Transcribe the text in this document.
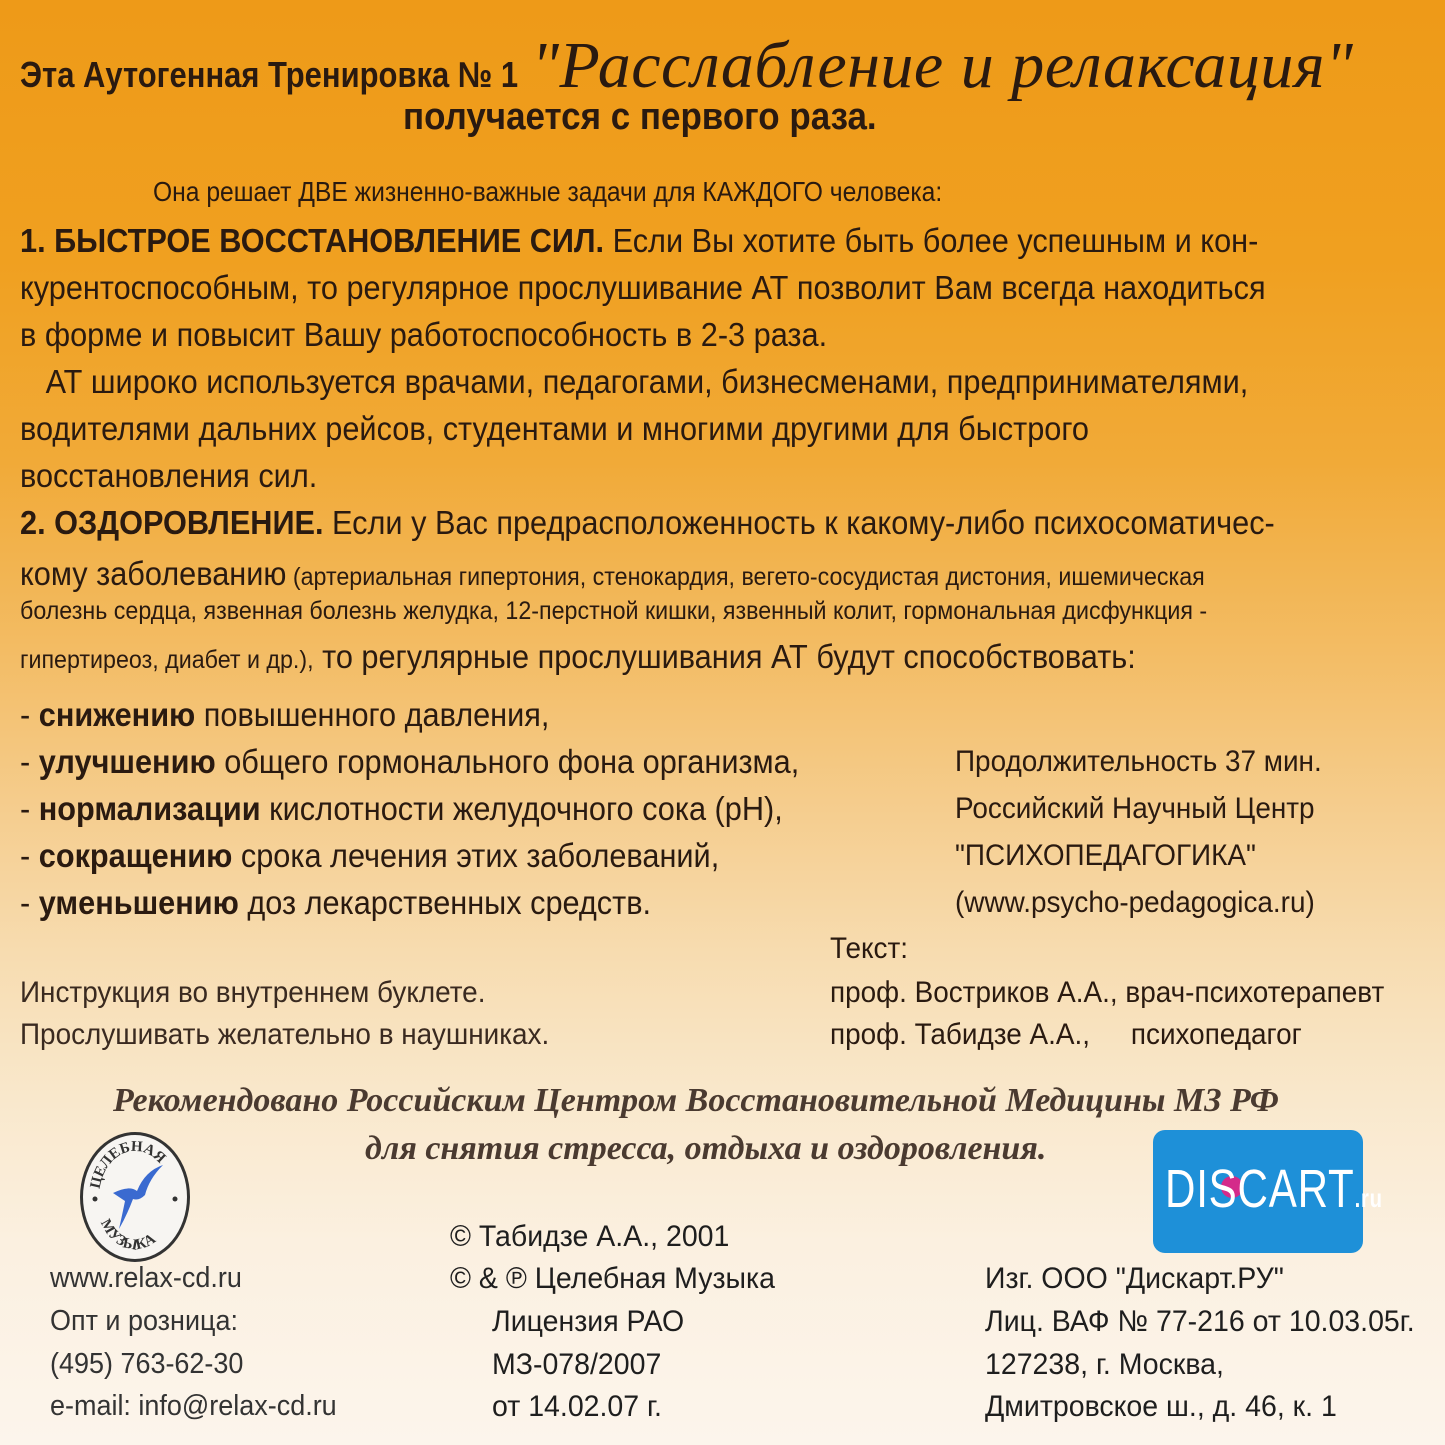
Эта Аутогенная Тренировка № 1 "Расслабление и релаксация"
получается с первого раза.
Она решает ДВЕ жизненно-важные задачи для КАЖДОГО человека:
1. БЫСТРОЕ ВОССТАНОВЛЕНИЕ СИЛ. Если Вы хотите быть более успешным и кон-
курентоспособным, то регулярное прослушивание АТ позволит Вам всегда находиться
в форме и повысит Вашу работоспособность в 2-3 раза.
АТ широко используется врачами, педагогами, бизнесменами, предпринимателями,
водителями дальних рейсов, студентами и многими другими для быстрого
восстановления сил.
2. ОЗДОРОВЛЕНИЕ. Если у Вас предрасположенность к какому-либо психосоматичес-
кому заболеванию (артериальная гипертония, стенокардия, вегето-сосудистая дистония, ишемическая
болезнь сердца, язвенная болезнь желудка, 12-перстной кишки, язвенный колит, гормональная дисфункция -
гипертиреоз, диабет и др.), то регулярные прослушивания АТ будут способствовать:
- снижению повышенного давления,
- улучшению общего гормонального фона организма,
- нормализации кислотности желудочного сока (pH),
- сокращению срока лечения этих заболеваний,
- уменьшению доз лекарственных средств.
Продолжительность 37 мин.
Российский Научный Центр
"ПСИХОПЕДАГОГИКА"
(www.psycho-pedagogica.ru)
Текст:
проф. Востриков А.А., врач-психотерапевт
проф. Табидзе А.А., психопедагог
Инструкция во внутреннем буклете.
Прослушивать желательно в наушниках.
Рекомендовано Российским Центром Восстановительной Медицины МЗ РФ
для снятия стресса, отдыха и оздоровления.
ЦЕЛЕБНАЯ
МУЗЫКА
DISCART.ru
www.relax-cd.ru
Опт и розница:
(495) 763-62-30
e-mail: info@relax-cd.ru
© Табидзе А.А., 2001
© & ℗ Целебная Музыка
Лицензия РАО
МЗ-078/2007
от 14.02.07 г.
Изг. ООО "Дискарт.РУ"
Лиц. ВАФ № 77-216 от 10.03.05г.
127238, г. Москва,
Дмитровское ш., д. 46, к. 1
